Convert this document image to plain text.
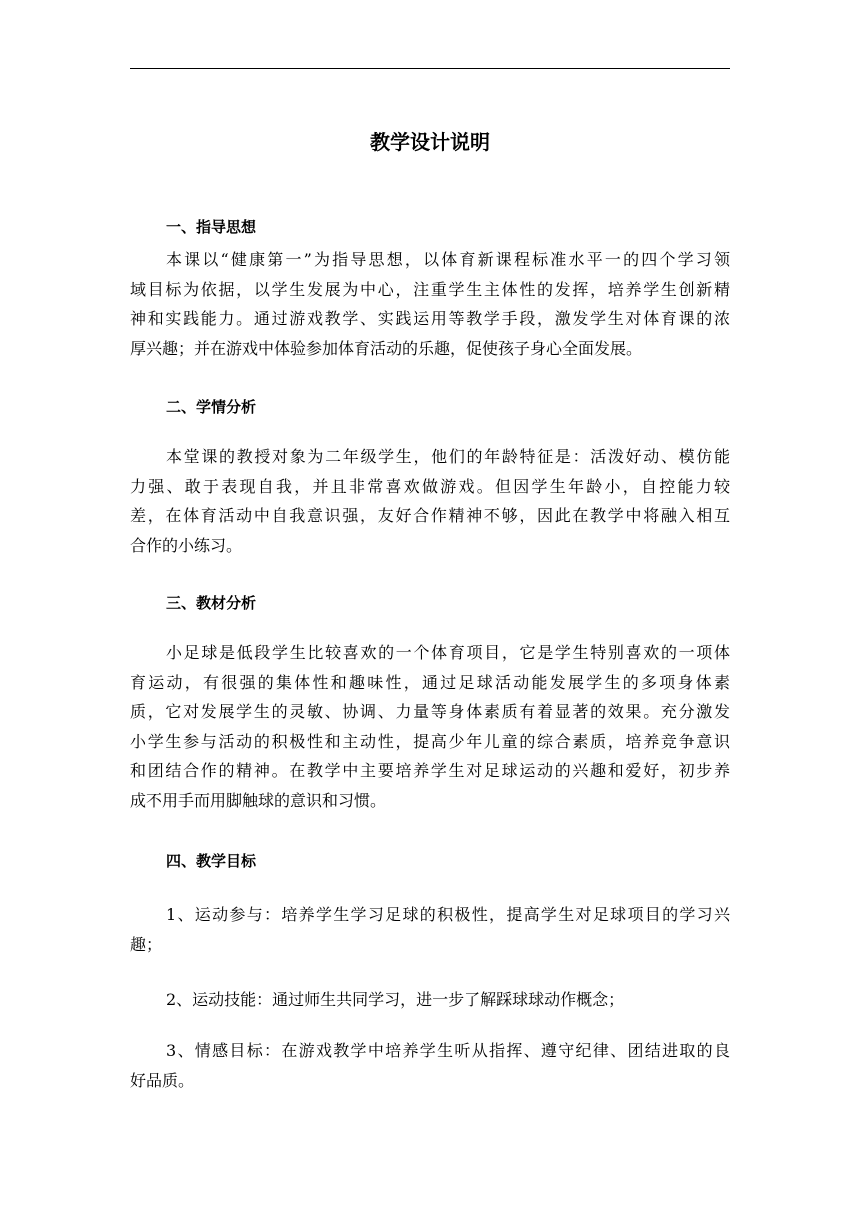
教学设计说明
一、指导思想
本课以“健康第一”为指导思想，以体育新课程标准水平一的四个学习领
域目标为依据，以学生发展为中心，注重学生主体性的发挥，培养学生创新精
神和实践能力。通过游戏教学、实践运用等教学手段，激发学生对体育课的浓
厚兴趣；并在游戏中体验参加体育活动的乐趣，促使孩子身心全面发展。
二、学情分析
本堂课的教授对象为二年级学生，他们的年龄特征是：活泼好动、模仿能
力强、敢于表现自我，并且非常喜欢做游戏。但因学生年龄小，自控能力较
差，在体育活动中自我意识强，友好合作精神不够，因此在教学中将融入相互
合作的小练习。
三、教材分析
小足球是低段学生比较喜欢的一个体育项目，它是学生特别喜欢的一项体
育运动，有很强的集体性和趣味性，通过足球活动能发展学生的多项身体素
质，它对发展学生的灵敏、协调、力量等身体素质有着显著的效果。充分激发
小学生参与活动的积极性和主动性，提高少年儿童的综合素质，培养竞争意识
和团结合作的精神。在教学中主要培养学生对足球运动的兴趣和爱好，初步养
成不用手而用脚触球的意识和习惯。
四、教学目标
1、运动参与：培养学生学习足球的积极性，提高学生对足球项目的学习兴
趣；
2、运动技能：通过师生共同学习，进一步了解踩球球动作概念；
3、情感目标：在游戏教学中培养学生听从指挥、遵守纪律、团结进取的良
好品质。
